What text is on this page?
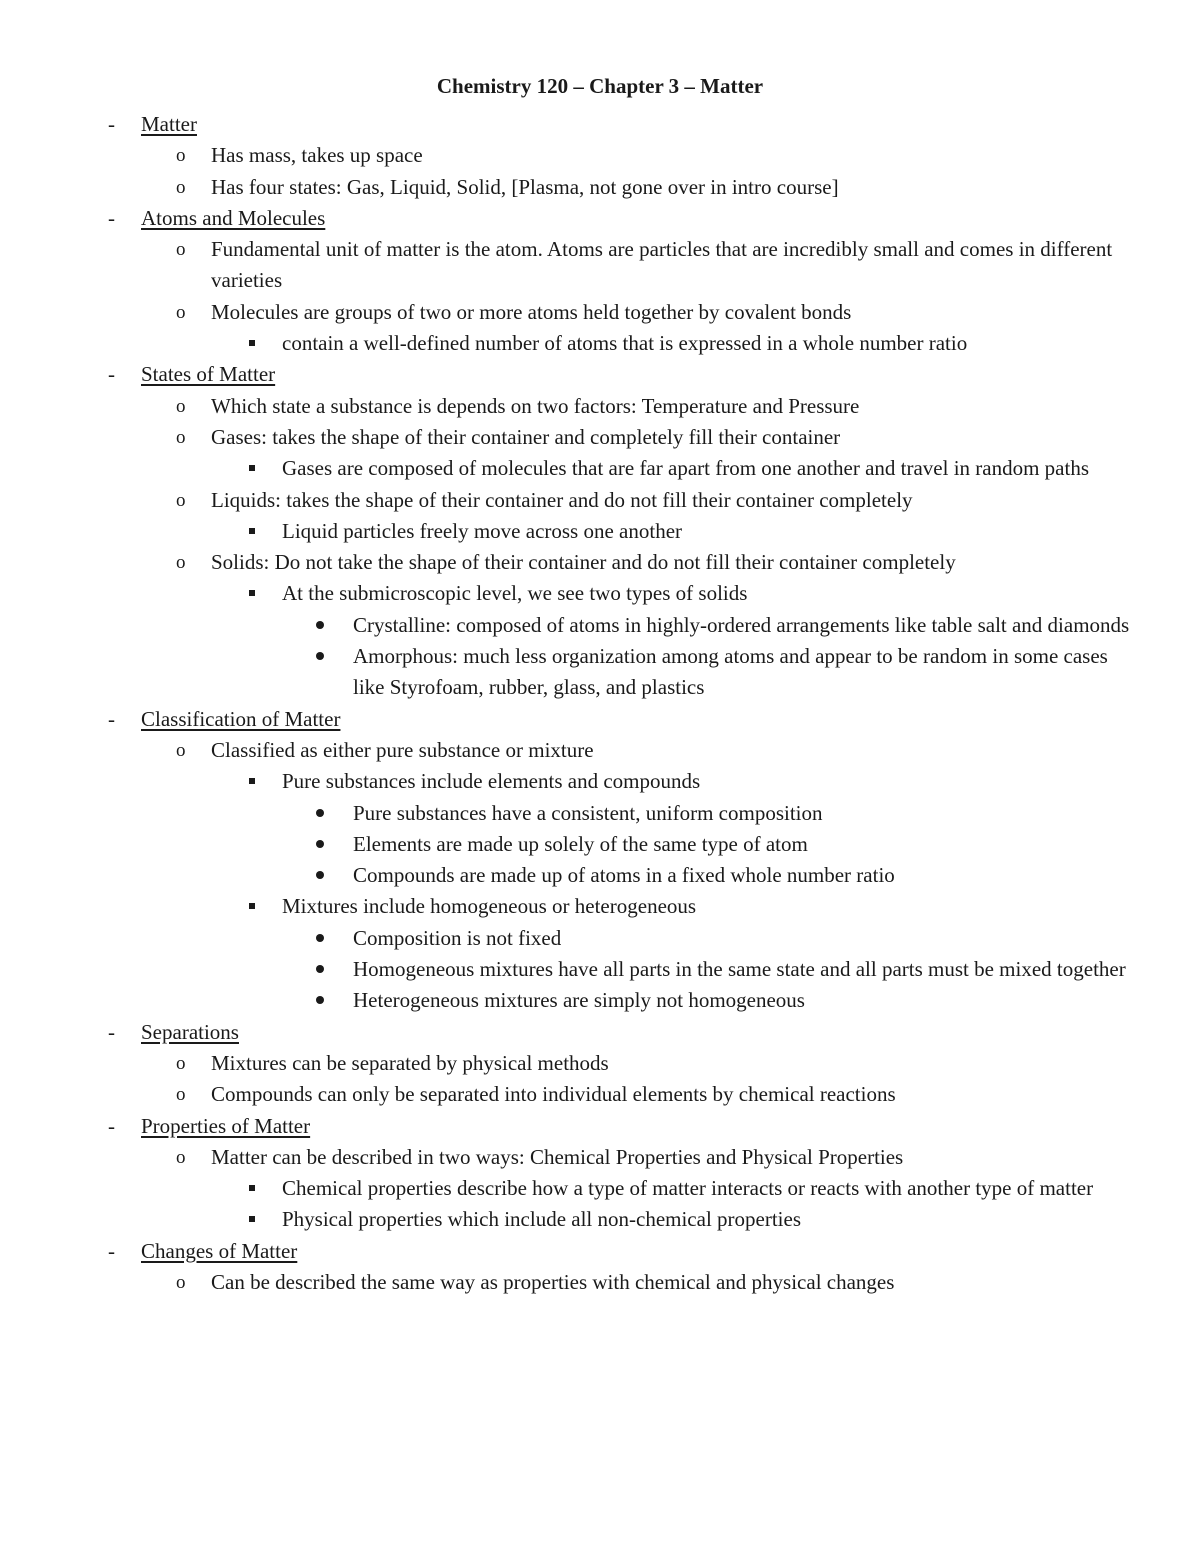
Chemistry 120 – Chapter 3 – Matter
- Matter
o Has mass, takes up space
o Has four states: Gas, Liquid, Solid, [Plasma, not gone over in intro course]
- Atoms and Molecules
o Fundamental unit of matter is the atom. Atoms are particles that are incredibly small and comes in different varieties
o Molecules are groups of two or more atoms held together by covalent bonds
contain a well-defined number of atoms that is expressed in a whole number ratio
- States of Matter
o Which state a substance is depends on two factors: Temperature and Pressure
o Gases: takes the shape of their container and completely fill their container
Gases are composed of molecules that are far apart from one another and travel in random paths
o Liquids: takes the shape of their container and do not fill their container completely
Liquid particles freely move across one another
o Solids: Do not take the shape of their container and do not fill their container completely
At the submicroscopic level, we see two types of solids
Crystalline: composed of atoms in highly-ordered arrangements like table salt and diamonds
Amorphous: much less organization among atoms and appear to be random in some cases like Styrofoam, rubber, glass, and plastics
- Classification of Matter
o Classified as either pure substance or mixture
Pure substances include elements and compounds
Pure substances have a consistent, uniform composition
Elements are made up solely of the same type of atom
Compounds are made up of atoms in a fixed whole number ratio
Mixtures include homogeneous or heterogeneous
Composition is not fixed
Homogeneous mixtures have all parts in the same state and all parts must be mixed together
Heterogeneous mixtures are simply not homogeneous
- Separations
o Mixtures can be separated by physical methods
o Compounds can only be separated into individual elements by chemical reactions
- Properties of Matter
o Matter can be described in two ways: Chemical Properties and Physical Properties
Chemical properties describe how a type of matter interacts or reacts with another type of matter
Physical properties which include all non-chemical properties
- Changes of Matter
o Can be described the same way as properties with chemical and physical changes
